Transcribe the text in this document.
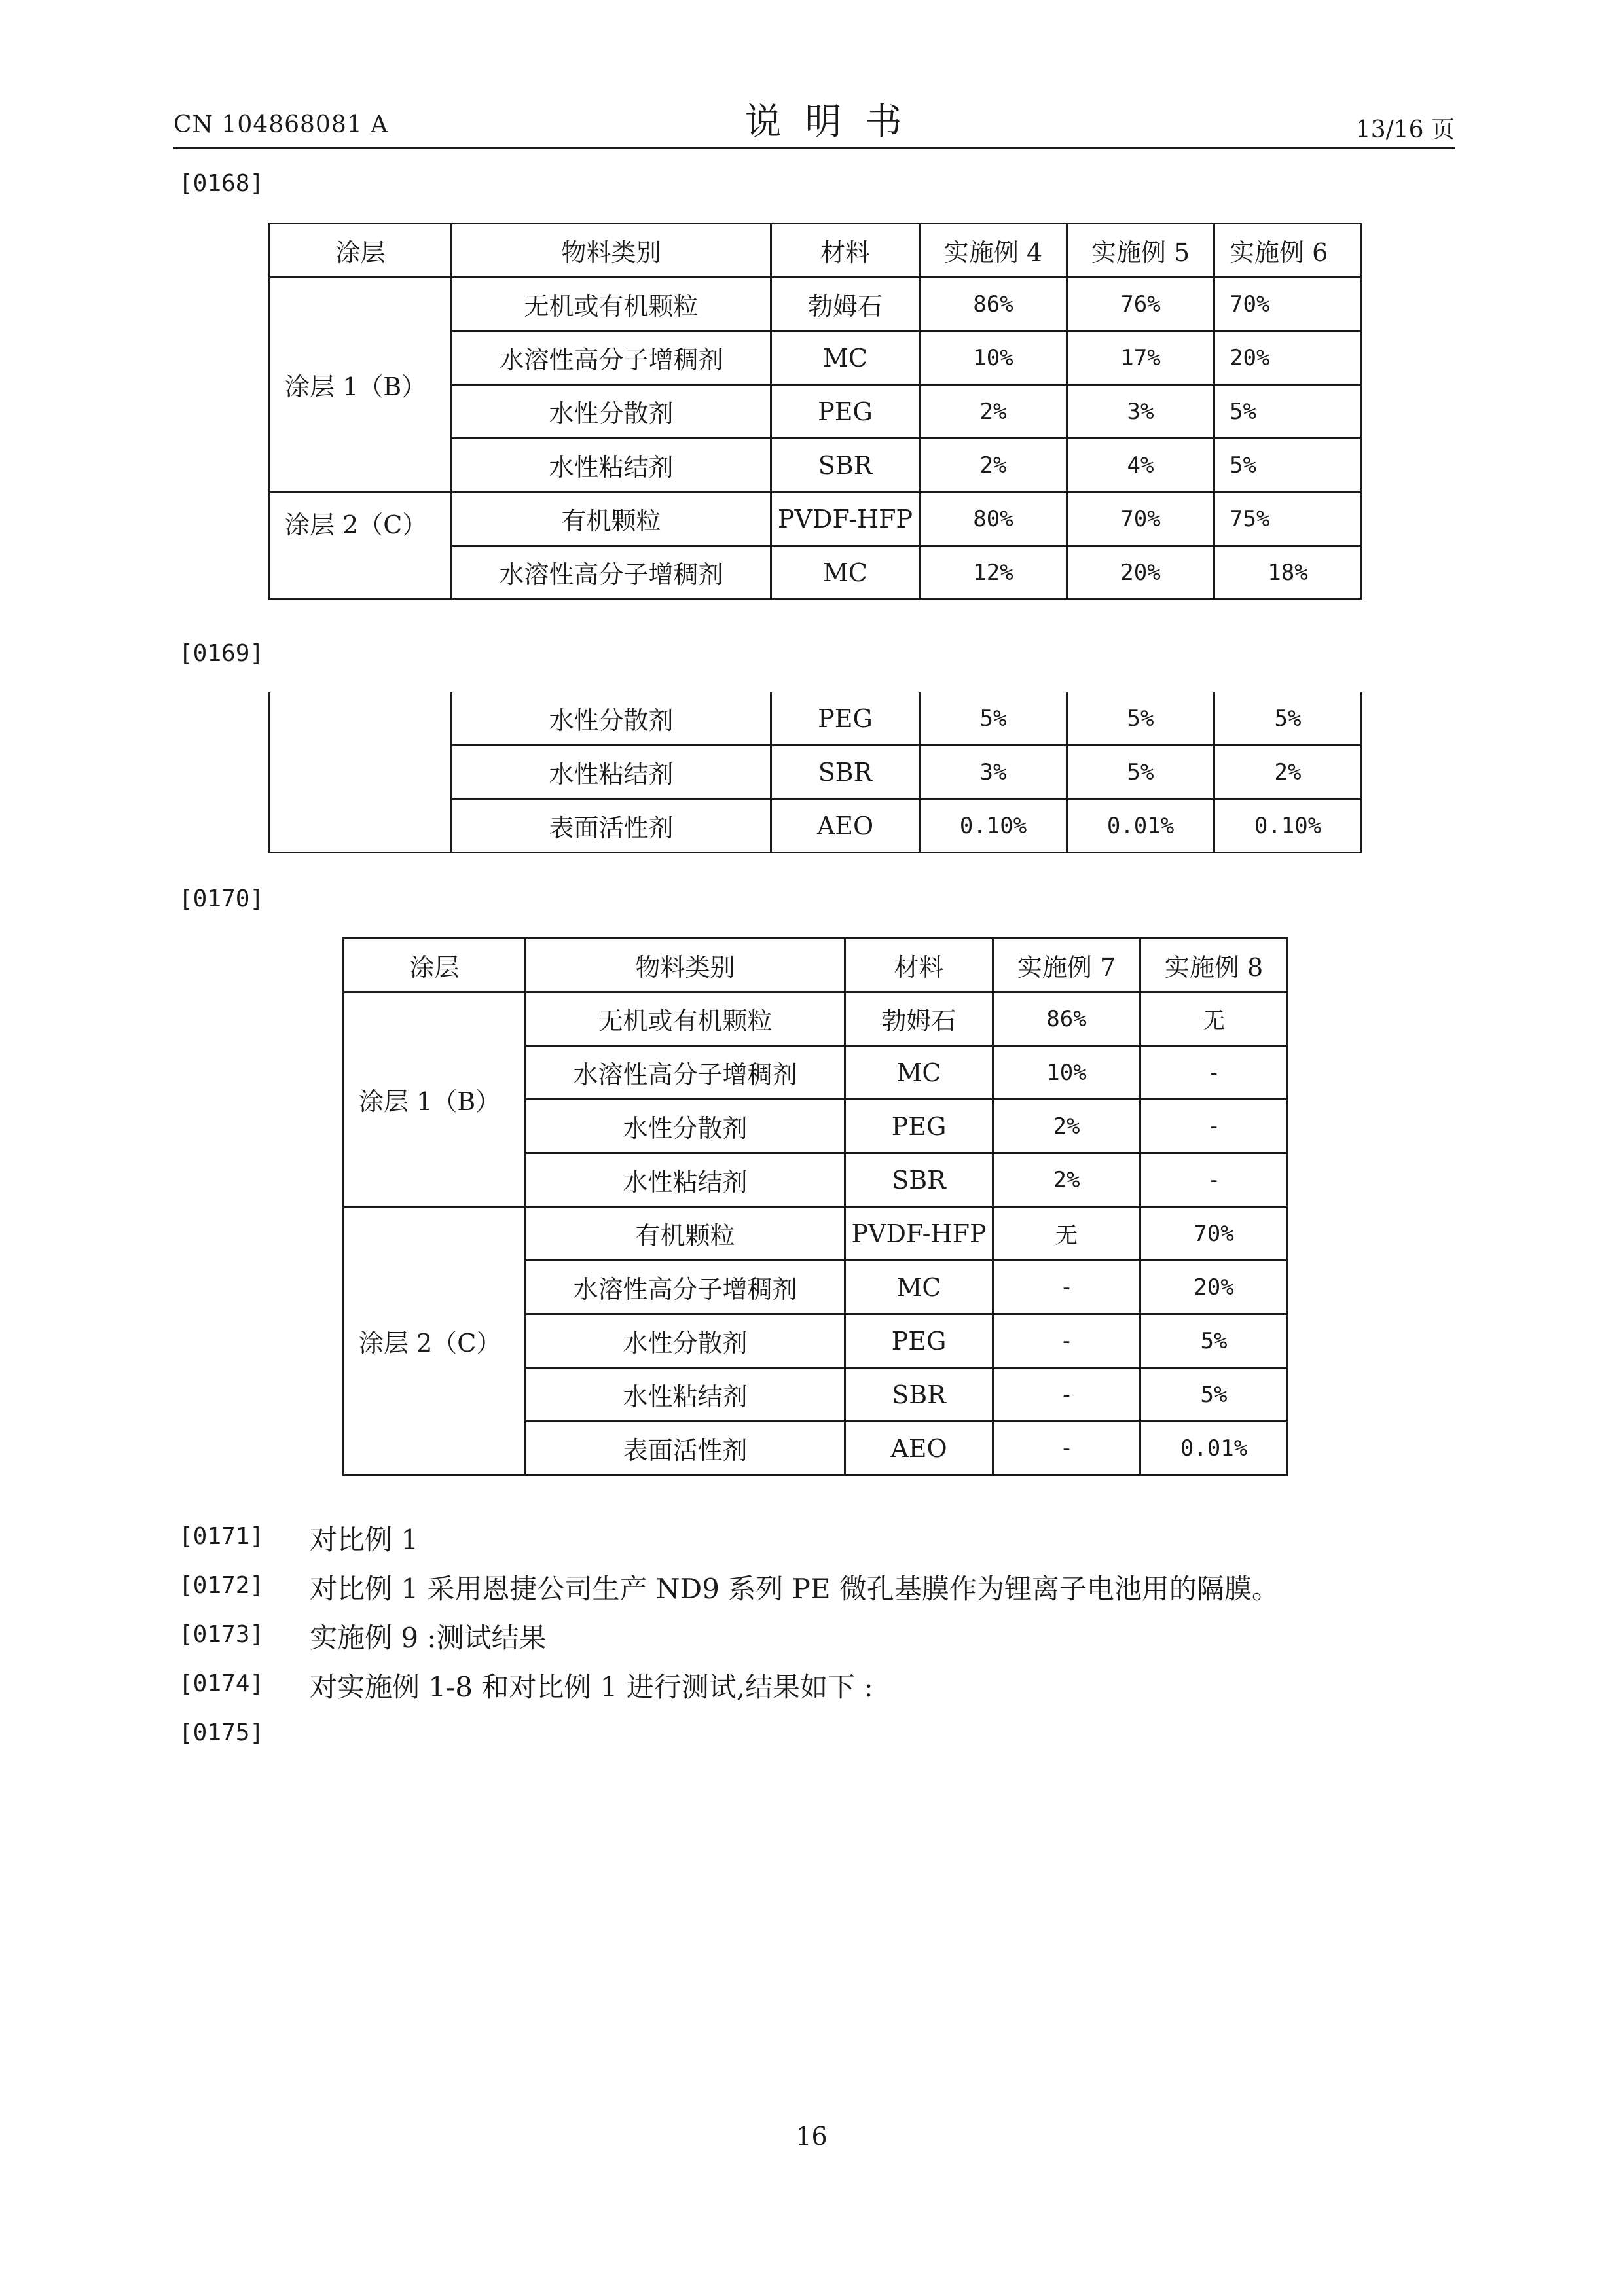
CN 104868081 A	说明书	13/16 页
[0168]
涂层	物料类别	材料	实施例 4	实施例 5	实施例 6
涂层 1（B）	无机或有机颗粒	勃姆石	86%	76%	70%
	水溶性高分子增稠剂	MC	10%	17%	20%
	水性分散剂	PEG	2%	3%	5%
	水性粘结剂	SBR	2%	4%	5%
涂层 2（C）	有机颗粒	PVDF-HFP	80%	70%	75%
	水溶性高分子增稠剂	MC	12%	20%	18%
[0169]
	水性分散剂	PEG	5%	5%	5%
	水性粘结剂	SBR	3%	5%	2%
	表面活性剂	AEO	0.10%	0.01%	0.10%
[0170]
涂层	物料类别	材料	实施例 7	实施例 8
涂层 1（B）	无机或有机颗粒	勃姆石	86%	无
	水溶性高分子增稠剂	MC	10%	-
	水性分散剂	PEG	2%	-
	水性粘结剂	SBR	2%	-
涂层 2（C）	有机颗粒	PVDF-HFP	无	70%
	水溶性高分子增稠剂	MC	-	20%
	水性分散剂	PEG	-	5%
	水性粘结剂	SBR	-	5%
	表面活性剂	AEO	-	0.01%
[0171] 对比例 1
[0172] 对比例 1 采用恩捷公司生产 ND9 系列 PE 微孔基膜作为锂离子电池用的隔膜。
[0173] 实施例 9 :测试结果
[0174] 对实施例 1-8 和对比例 1 进行测试,结果如下 :
[0175]
16
